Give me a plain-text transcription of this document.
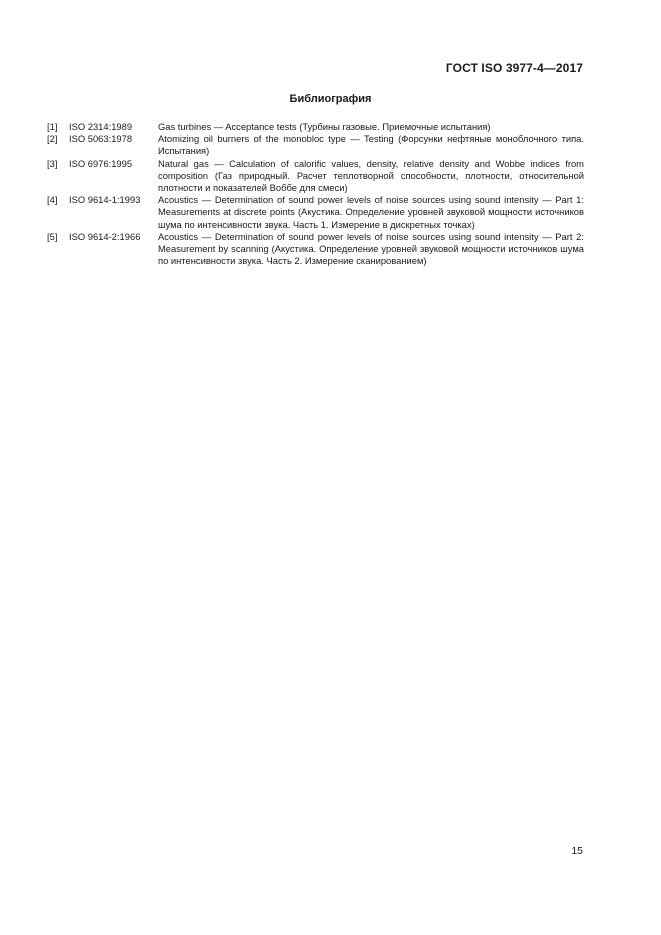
ГОСТ ISO 3977-4—2017
Библиография
[1]	ISO 2314:1989	Gas turbines — Acceptance tests (Турбины газовые. Приемочные испытания)
[2]	ISO 5063:1978	Atomizing oil burners of the monobloc type — Testing (Форсунки нефтяные моноблочного типа. Испытания)
[3]	ISO 6976:1995	Natural gas — Calculation of calorific values, density, relative density and Wobbe indices from composition (Газ природный. Расчет теплотворной способности, плотности, относительной плотности и показателей Воббе для смеси)
[4]	ISO 9614-1:1993	Acoustics — Determination of sound power levels of noise sources using sound intensity — Part 1: Measurements at discrete points (Акустика. Определение уровней звуковой мощности источников шума по интенсивности звука. Часть 1. Измерение в дискретных точках)
[5]	ISO 9614-2:1966	Acoustics — Determination of sound power levels of noise sources using sound intensity — Part 2: Measurement by scanning (Акустика. Определение уровней звуковой мощности источников шума по интенсивности звука. Часть 2. Измерение сканированием)
15
